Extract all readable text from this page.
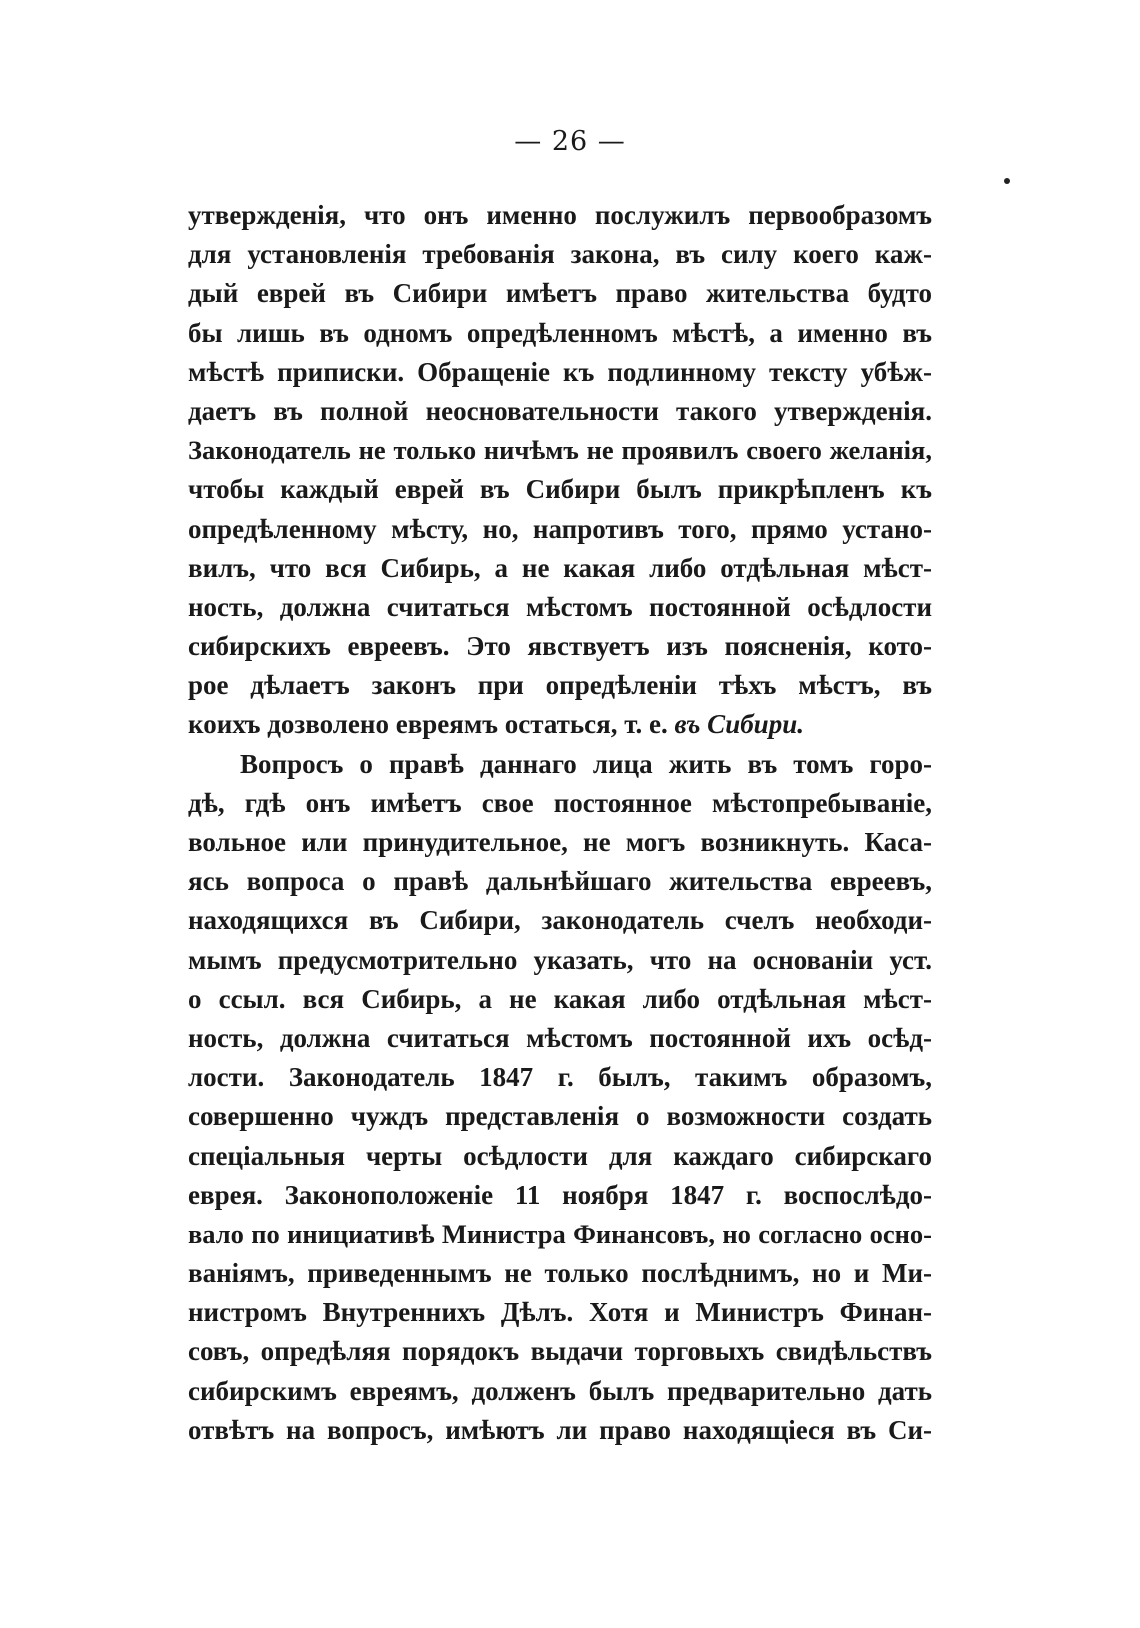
— 26 —
утвержденія, что онъ именно послужилъ первообразомъ
для установленія требованія закона, въ силу коего каж-
дый еврей въ Сибири имѣетъ право жительства будто
бы лишь въ одномъ опредѣленномъ мѣстѣ, а именно въ
мѣстѣ приписки. Обращеніе къ подлинному тексту убѣж-
даетъ въ полной неосновательности такого утвержденія.
Законодатель не только ничѣмъ не проявилъ своего желанія,
чтобы каждый еврей въ Сибири былъ прикрѣпленъ къ
опредѣленному мѣсту, но, напротивъ того, прямо устано-
вилъ, что вся Сибирь, а не какая либо отдѣльная мѣст-
ность, должна считаться мѣстомъ постоянной осѣдлости
сибирскихъ евреевъ. Это явствуетъ изъ поясненія, кото-
рое дѣлаетъ законъ при опредѣленіи тѣхъ мѣстъ, въ
коихъ дозволено евреямъ остаться, т. е. въ Сибири.
Вопросъ о правѣ даннаго лица жить въ томъ горо-
дѣ, гдѣ онъ имѣетъ свое постоянное мѣстопребываніе,
вольное или принудительное, не могъ возникнуть. Каса-
ясь вопроса о правѣ дальнѣйшаго жительства евреевъ,
находящихся въ Сибири, законодатель счелъ необходи-
мымъ предусмотрительно указать, что на основаніи уст.
о ссыл. вся Сибирь, а не какая либо отдѣльная мѣст-
ность, должна считаться мѣстомъ постоянной ихъ осѣд-
лости. Законодатель 1847 г. былъ, такимъ образомъ,
совершенно чуждъ представленія о возможности создать
спеціальныя черты осѣдлости для каждаго сибирскаго
еврея. Законоположеніе 11 ноября 1847 г. воспослѣдо-
вало по инициативѣ Министра Финансовъ, но согласно осно-
ваніямъ, приведеннымъ не только послѣднимъ, но и Ми-
нистромъ Внутреннихъ Дѣлъ. Хотя и Министръ Финан-
совъ, опредѣляя порядокъ выдачи торговыхъ свидѣльствъ
сибирскимъ евреямъ, долженъ былъ предварительно дать
отвѣтъ на вопросъ, имѣютъ ли право находящіеся въ Си-
